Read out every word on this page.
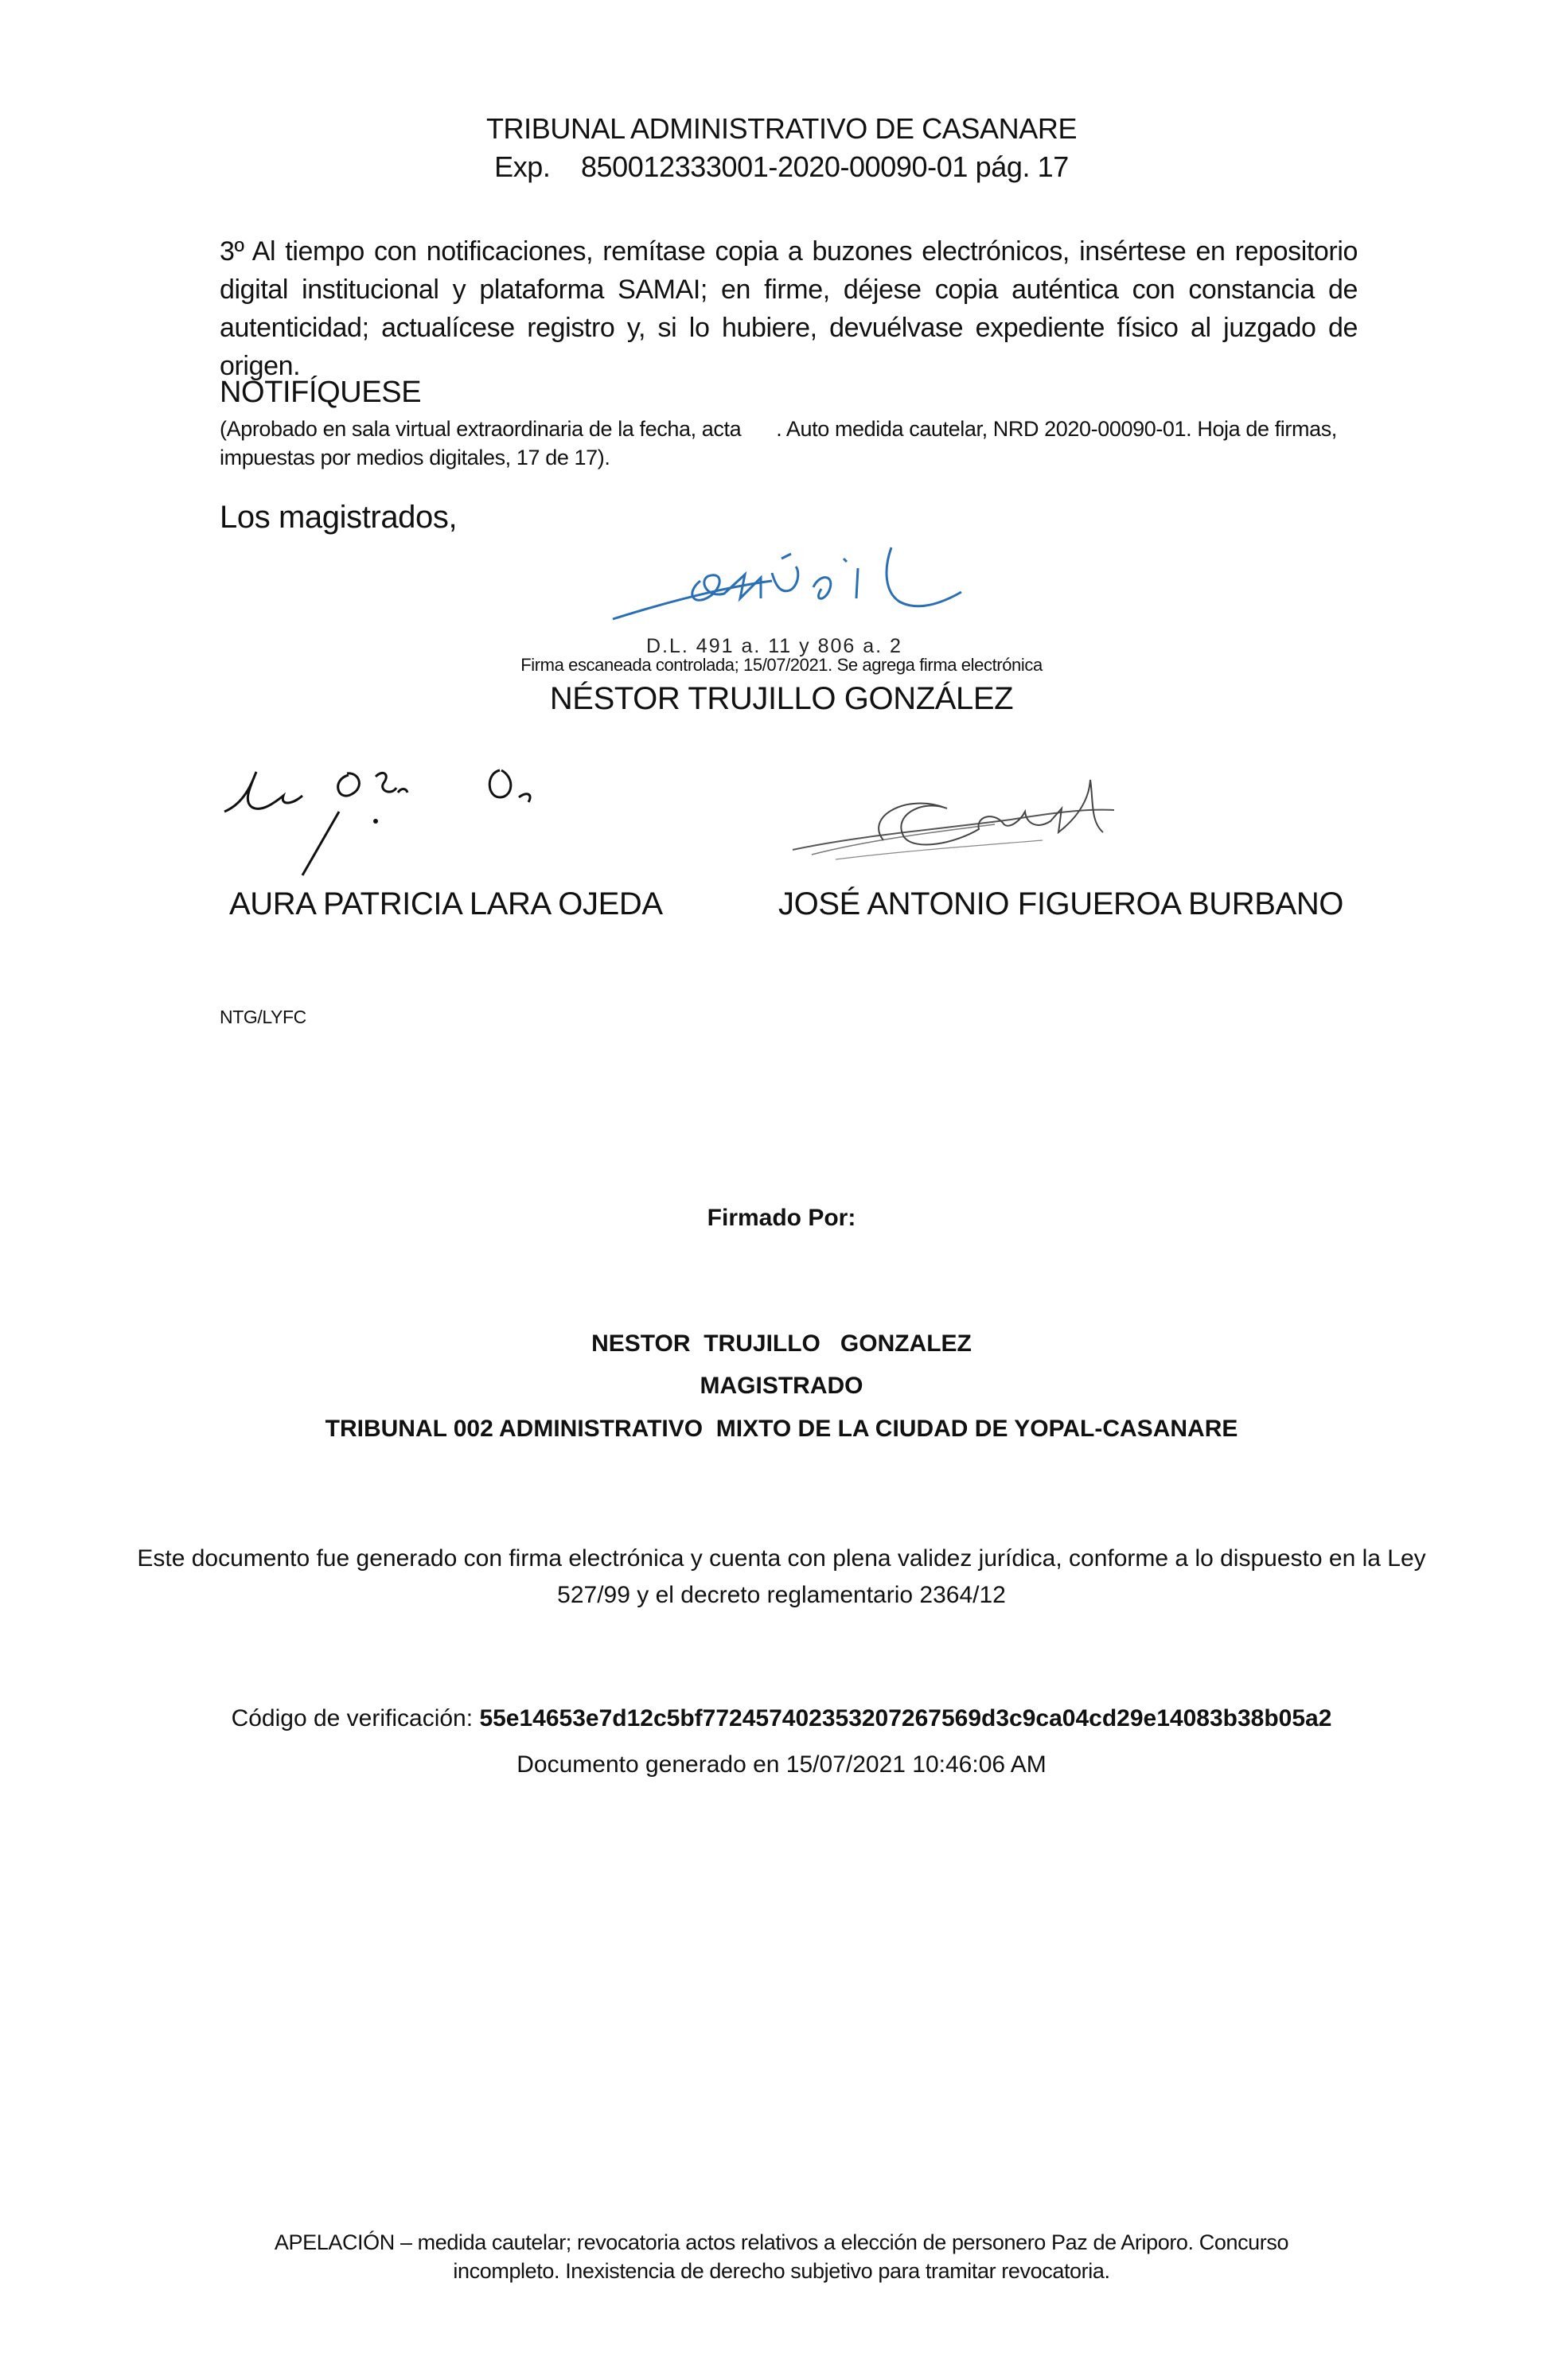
TRIBUNAL ADMINISTRATIVO DE CASANARE
Exp. 850012333001-2020-00090-01 pág. 17
3º Al tiempo con notificaciones, remítase copia a buzones electrónicos, insértese en repositorio digital institucional y plataforma SAMAI; en firme, déjese copia auténtica con constancia de autenticidad; actualícese registro y, si lo hubiere, devuélvase expediente físico al juzgado de origen.
NOTIFÍQUESE
(Aprobado en sala virtual extraordinaria de la fecha, acta . Auto medida cautelar, NRD 2020-00090-01. Hoja de firmas,
impuestas por medios digitales, 17 de 17).
Los magistrados,
D.L. 491 a. 11 y 806 a. 2
Firma escaneada controlada; 15/07/2021. Se agrega firma electrónica
NÉSTOR TRUJILLO GONZÁLEZ
AURA PATRICIA LARA OJEDA	JOSÉ ANTONIO FIGUEROA BURBANO
NTG/LYFC
Firmado Por:
NESTOR  TRUJILLO   GONZALEZ
MAGISTRADO
TRIBUNAL 002 ADMINISTRATIVO  MIXTO DE LA CIUDAD DE YOPAL-CASANARE
Este documento fue generado con firma electrónica y cuenta con plena validez jurídica, conforme a lo dispuesto en la Ley
527/99 y el decreto reglamentario 2364/12
Código de verificación: 55e14653e7d12c5bf772457402353207267569d3c9ca04cd29e14083b38b05a2
Documento generado en 15/07/2021 10:46:06 AM
APELACIÓN – medida cautelar; revocatoria actos relativos a elección de personero Paz de Ariporo. Concurso
incompleto. Inexistencia de derecho subjetivo para tramitar revocatoria.
